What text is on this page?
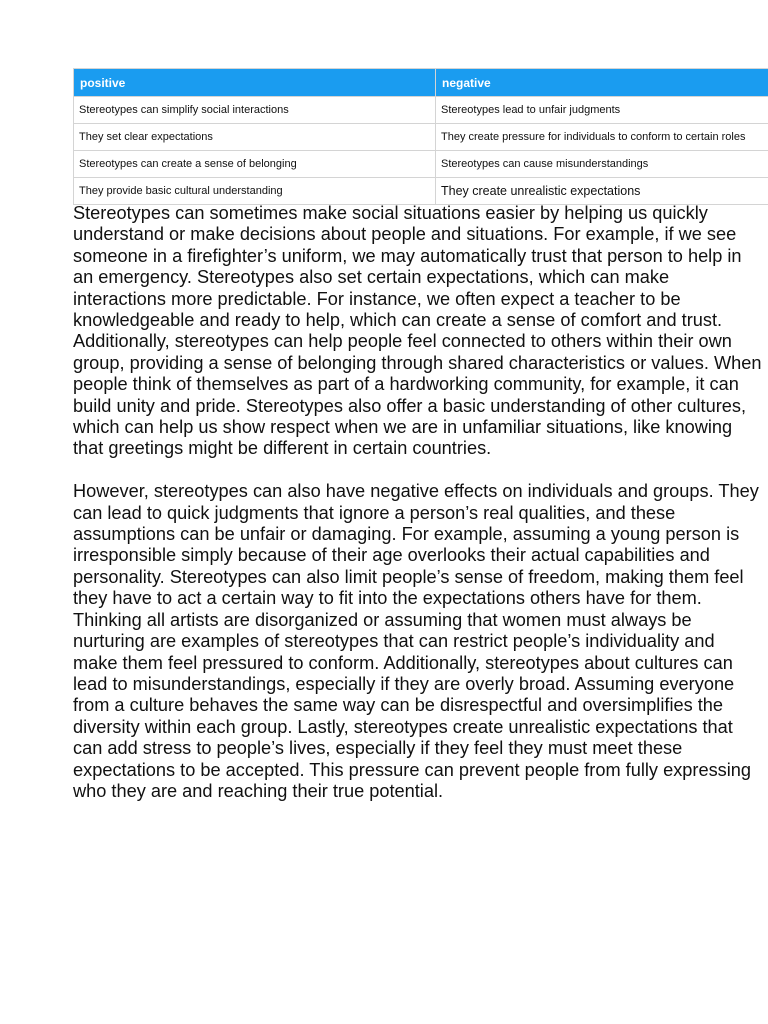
positive	negative
Stereotypes can simplify social interactions	Stereotypes lead to unfair judgments
They set clear expectations	They create pressure for individuals to conform to certain roles
Stereotypes can create a sense of belonging	Stereotypes can cause misunderstandings
They provide basic cultural understanding	They create unrealistic expectations

Stereotypes can sometimes make social situations easier by helping us quickly understand or make decisions about people and situations. For example, if we see someone in a firefighter’s uniform, we may automatically trust that person to help in an emergency. Stereotypes also set certain expectations, which can make interactions more predictable. For instance, we often expect a teacher to be knowledgeable and ready to help, which can create a sense of comfort and trust. Additionally, stereotypes can help people feel connected to others within their own group, providing a sense of belonging through shared characteristics or values. When people think of themselves as part of a hardworking community, for example, it can build unity and pride. Stereotypes also offer a basic understanding of other cultures, which can help us show respect when we are in unfamiliar situations, like knowing that greetings might be different in certain countries.

However, stereotypes can also have negative effects on individuals and groups. They can lead to quick judgments that ignore a person’s real qualities, and these assumptions can be unfair or damaging. For example, assuming a young person is irresponsible simply because of their age overlooks their actual capabilities and personality. Stereotypes can also limit people’s sense of freedom, making them feel they have to act a certain way to fit into the expectations others have for them. Thinking all artists are disorganized or assuming that women must always be nurturing are examples of stereotypes that can restrict people’s individuality and make them feel pressured to conform. Additionally, stereotypes about cultures can lead to misunderstandings, especially if they are overly broad. Assuming everyone from a culture behaves the same way can be disrespectful and oversimplifies the diversity within each group. Lastly, stereotypes create unrealistic expectations that can add stress to people’s lives, especially if they feel they must meet these expectations to be accepted. This pressure can prevent people from fully expressing who they are and reaching their true potential.
